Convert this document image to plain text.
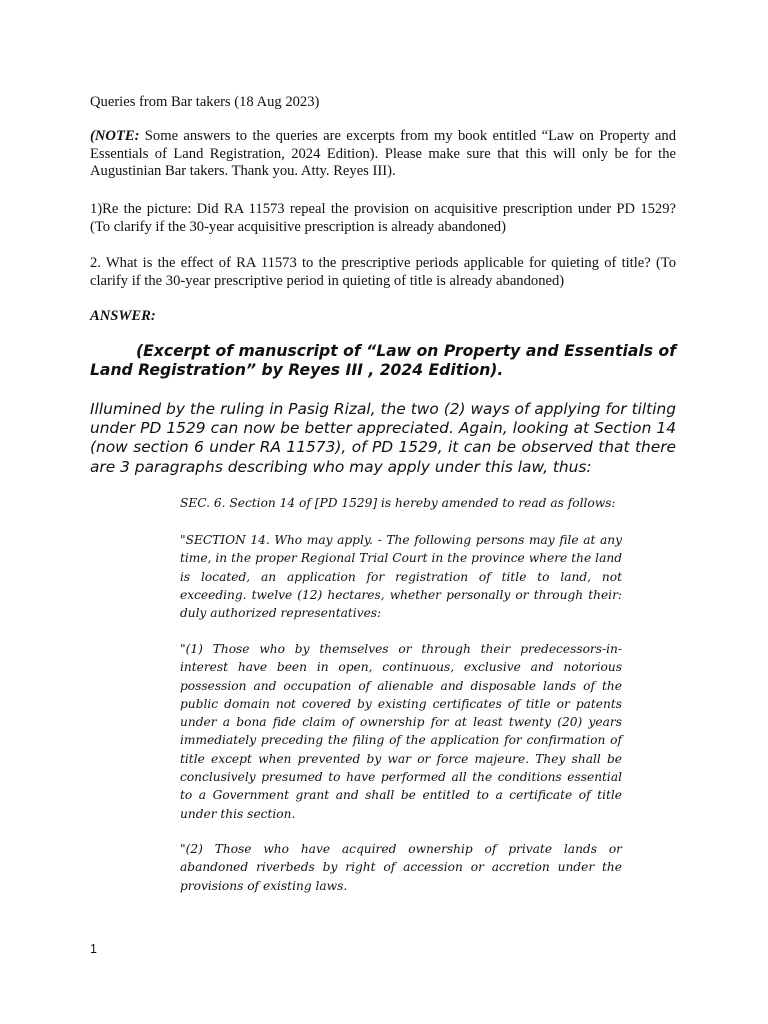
Queries from Bar takers (18 Aug 2023)

(NOTE: Some answers to the queries are excerpts from my book entitled “Law on Property and Essentials of Land Registration, 2024 Edition). Please make sure that this will only be for the Augustinian Bar takers. Thank you. Atty. Reyes III).

1)Re the picture: Did RA 11573 repeal the provision on acquisitive prescription under PD 1529? (To clarify if the 30-year acquisitive prescription is already abandoned)

2. What is the effect of RA 11573 to the prescriptive periods applicable for quieting of title? (To clarify if the 30-year prescriptive period in quieting of title is already abandoned)

ANSWER:

(Excerpt of manuscript of “Law on Property and Essentials of Land Registration” by Reyes III , 2024 Edition).

Illumined by the ruling in Pasig Rizal, the two (2) ways of applying for tilting under PD 1529 can now be better appreciated. Again, looking at Section 14 (now section 6 under RA 11573), of PD 1529, it can be observed that there are 3 paragraphs describing who may apply under this law, thus:

SEC. 6. Section 14 of [PD 1529] is hereby amended to read as follows:

"SECTION 14. Who may apply. - The following persons may file at any time, in the proper Regional Trial Court in the province where the land is located, an application for registration of title to land, not exceeding. twelve (12) hectares, whether personally or through their: duly authorized representatives:

"(1) Those who by themselves or through their predecessors-in-interest have been in open, continuous, exclusive and notorious possession and occupation of alienable and disposable lands of the public domain not covered by existing certificates of title or patents under a bona fide claim of ownership for at least twenty (20) years immediately preceding the filing of the application for confirmation of title except when prevented by war or force majeure. They shall be conclusively presumed to have performed all the conditions essential to a Government grant and shall be entitled to a certificate of title under this section.

"(2) Those who have acquired ownership of private lands or abandoned riverbeds by right of accession or accretion under the provisions of existing laws.

1
